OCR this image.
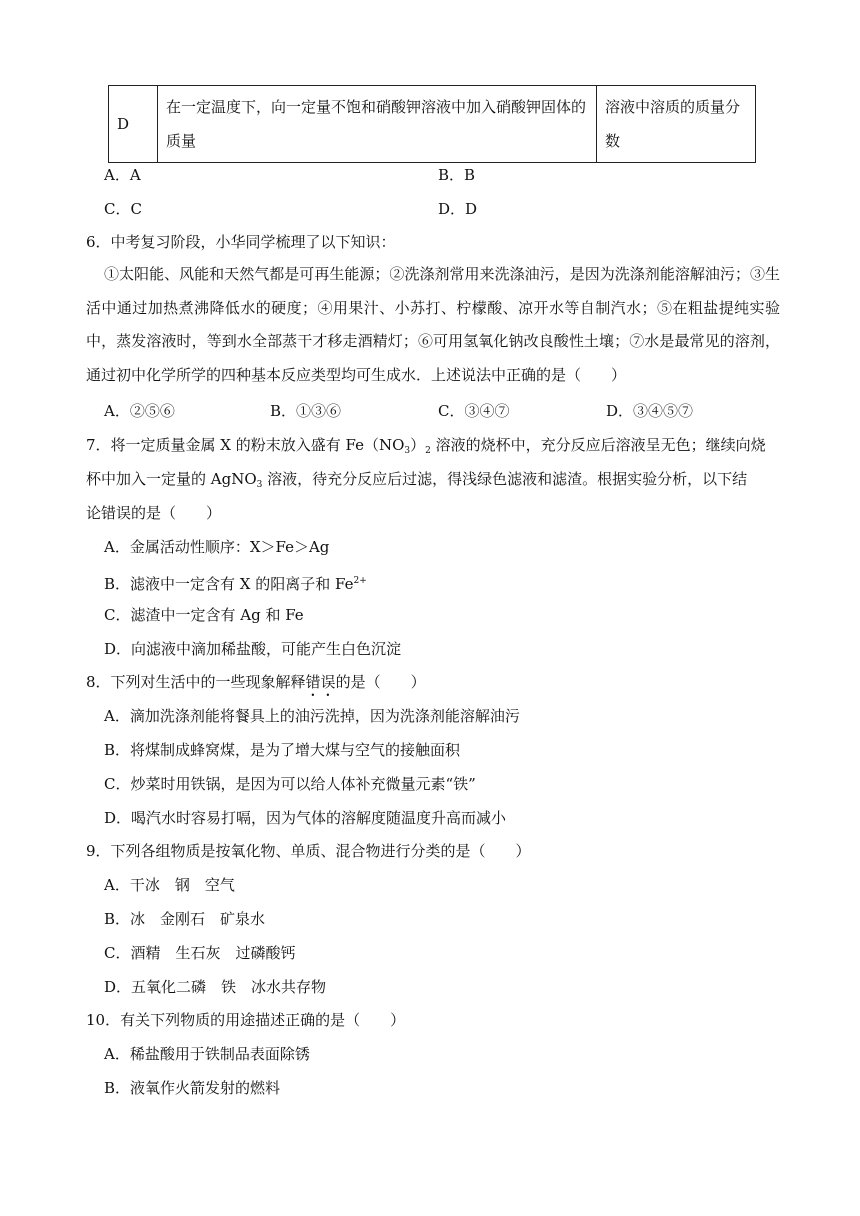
D	在一定温度下，向一定量不饱和硝酸钾溶液中加入硝酸钾固体的质量	溶液中溶质的质量分数
A．A	B．B
C．C	D．D
6．中考复习阶段，小华同学梳理了以下知识：
①太阳能、风能和天然气都是可再生能源；②洗涤剂常用来洗涤油污，是因为洗涤剂能溶解油污；③生活中通过加热煮沸降低水的硬度；④用果汁、小苏打、柠檬酸、凉开水等自制汽水；⑤在粗盐提纯实验中，蒸发溶液时，等到水全部蒸干才移走酒精灯；⑥可用氢氧化钠改良酸性土壤；⑦水是最常见的溶剂，通过初中化学所学的四种基本反应类型均可生成水．上述说法中正确的是（　　）
A．②⑤⑥	B．①③⑥	C．③④⑦	D．③④⑤⑦
7．将一定质量金属 X 的粉末放入盛有 $Fe(NO_3)_2$ 溶液的烧杯中，充分反应后溶液呈无色；继续向烧
杯中加入一定量的 AgNO$_3$ 溶液，待充分反应后过滤，得浅绿色滤液和滤渣。根据实验分析，以下结
论错误的是（　　）
A．金属活动性顺序：X＞Fe＞Ag
B．滤液中一定含有 X 的阳离子和 $Fe^{2+}$
C．滤渣中一定含有 Ag 和 Fe
D．向滤液中滴加稀盐酸，可能产生白色沉淀
8．下列对生活中的一些现象解释错误的是（　　）
A．滴加洗涤剂能将餐具上的油污洗掉，因为洗涤剂能溶解油污
B．将煤制成蜂窝煤，是为了增大煤与空气的接触面积
C．炒菜时用铁锅，是因为可以给人体补充微量元素“铁”
D．喝汽水时容易打嗝，因为气体的溶解度随温度升高而减小
9．下列各组物质是按氧化物、单质、混合物进行分类的是（　　）
A．干冰　钢　空气
B．冰　金刚石　矿泉水
C．酒精　生石灰　过磷酸钙
D．五氧化二磷　铁　冰水共存物
10．有关下列物质的用途描述正确的是（　　）
A．稀盐酸用于铁制品表面除锈
B．液氧作火箭发射的燃料
